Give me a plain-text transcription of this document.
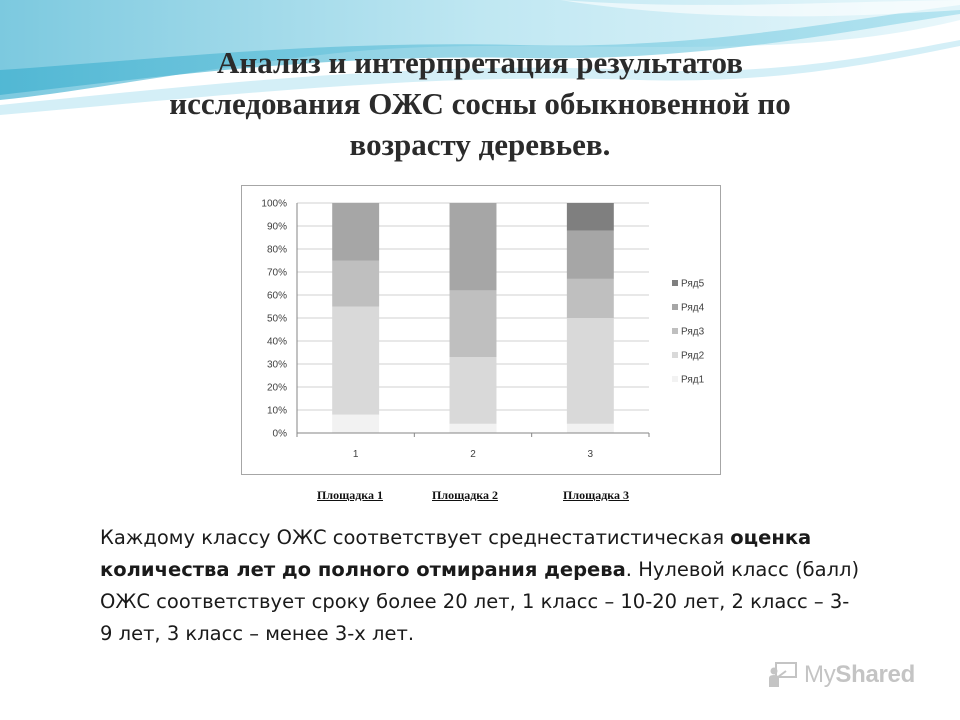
Анализ и интерпретация результатов
исследования ОЖС сосны обыкновенной по
возрасту деревьев.
0%
10%
20%
30%
40%
50%
60%
70%
80%
90%
100%
1	2	3
Ряд5
Ряд4
Ряд3
Ряд2
Ряд1
Площадка 1	Площадка 2	Площадка 3

Каждому классу ОЖС соответствует среднестатистическая оценка количества лет до полного отмирания дерева. Нулевой класс (балл) ОЖС соответствует сроку более 20 лет, 1 класс – 10-20 лет, 2 класс – 3-9 лет, 3 класс – менее 3-х лет.

MyShared
